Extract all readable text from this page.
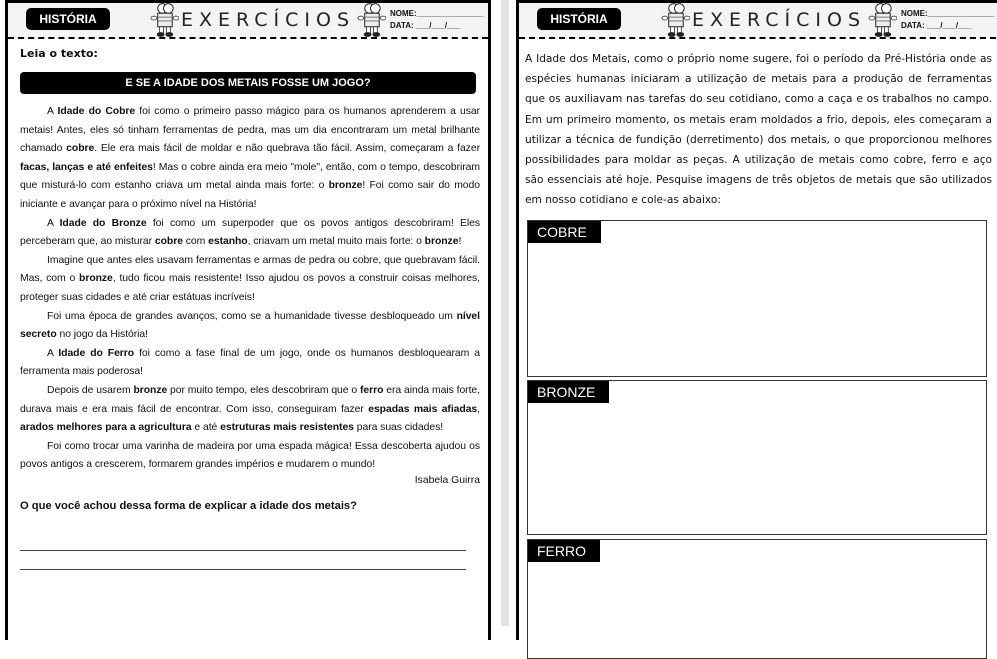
HISTÓRIA	EXERCÍCIOS	NOME:_______________
DATA: ___/___/___
Leia o texto:
E SE A IDADE DOS METAIS FOSSE UM JOGO?

A Idade do Cobre foi como o primeiro passo mágico para os humanos aprenderem a usar metais! Antes, eles só tinham ferramentas de pedra, mas um dia encontraram um metal brilhante chamado cobre. Ele era mais fácil de moldar e não quebrava tão fácil. Assim, começaram a fazer facas, lanças e até enfeites! Mas o cobre ainda era meio "mole", então, com o tempo, descobriram que misturá-lo com estanho criava um metal ainda mais forte: o bronze! Foi como sair do modo iniciante e avançar para o próximo nível na História!

A Idade do Bronze foi como um superpoder que os povos antigos descobriram! Eles perceberam que, ao misturar cobre com estanho, criavam um metal muito mais forte: o bronze!

Imagine que antes eles usavam ferramentas e armas de pedra ou cobre, que quebravam fácil. Mas, com o bronze, tudo ficou mais resistente! Isso ajudou os povos a construir coisas melhores, proteger suas cidades e até criar estátuas incríveis!

Foi uma época de grandes avanços, como se a humanidade tivesse desbloqueado um nível secreto no jogo da História!

A Idade do Ferro foi como a fase final de um jogo, onde os humanos desbloquearam a ferramenta mais poderosa!

Depois de usarem bronze por muito tempo, eles descobriram que o ferro era ainda mais forte, durava mais e era mais fácil de encontrar. Com isso, conseguiram fazer espadas mais afiadas, arados melhores para a agricultura e até estruturas mais resistentes para suas cidades!

Foi como trocar uma varinha de madeira por uma espada mágica! Essa descoberta ajudou os povos antigos a crescerem, formarem grandes impérios e mudarem o mundo!

Isabela Guirra
O que você achou dessa forma de explicar a idade dos metais?
HISTÓRIA	EXERCÍCIOS	NOME:_______________
DATA: ___/___/___
A Idade dos Metais, como o próprio nome sugere, foi o período da Pré-História onde as espécies humanas iniciaram a utilização de metais para a produção de ferramentas que os auxiliavam nas tarefas do seu cotidiano, como a caça e os trabalhos no campo. Em um primeiro momento, os metais eram moldados a frio, depois, eles começaram a utilizar a técnica de fundição (derretimento) dos metais, o que proporcionou melhores possibilidades para moldar as peças. A utilização de metais como cobre, ferro e aço são essenciais até hoje. Pesquise imagens de três objetos de metais que são utilizados em nosso cotidiano e cole-as abaixo:
COBRE
BRONZE
FERRO
